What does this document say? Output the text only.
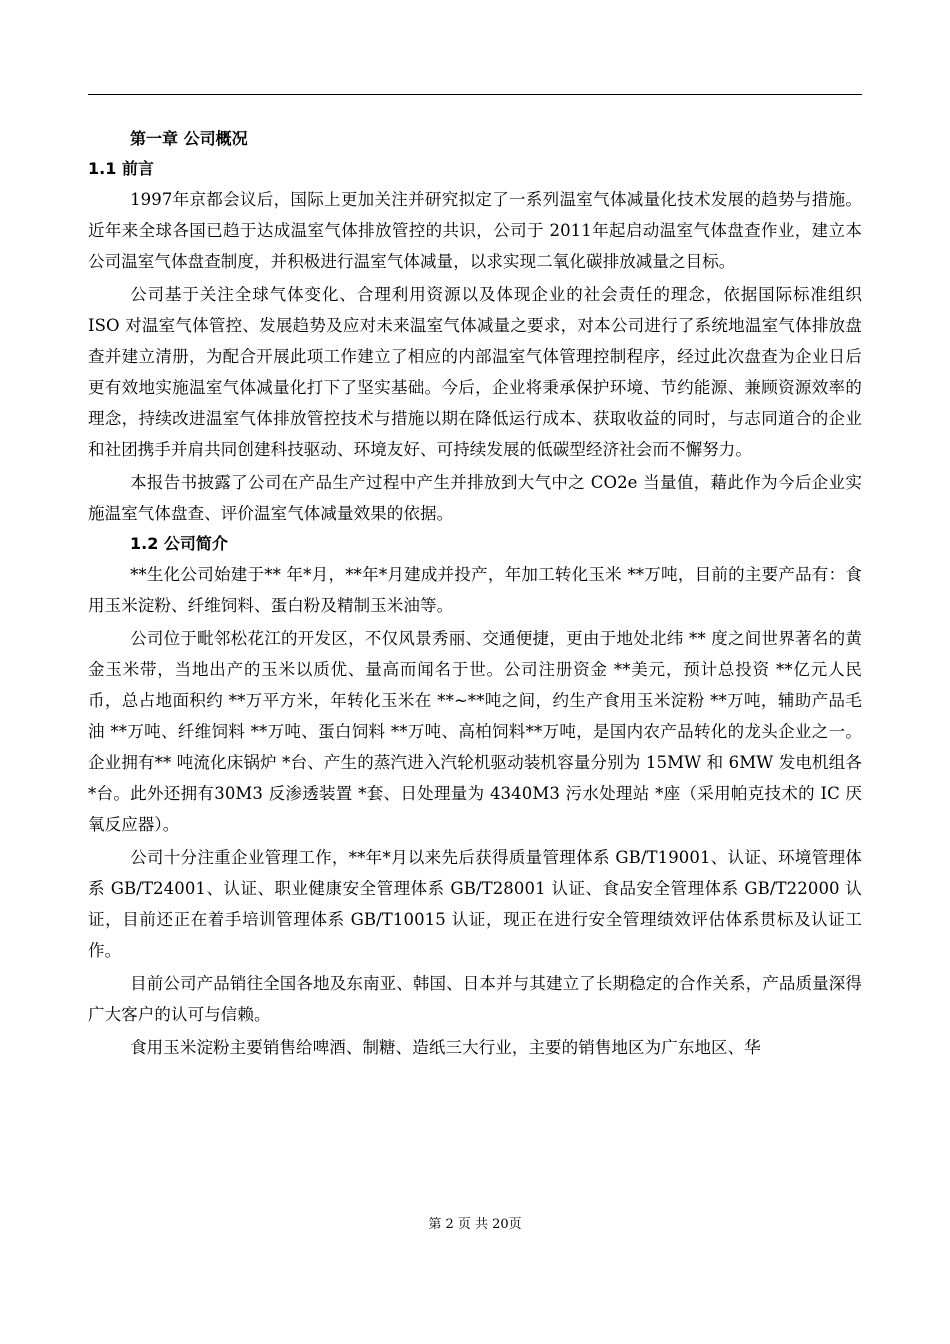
第一章 公司概况
1.1 前言

1997年京都会议后，国际上更加关注并研究拟定了一系列温室气体减量化技术发展的趋势与措施。近年来全球各国已趋于达成温室气体排放管控的共识，公司于 2011年起启动温室气体盘查作业，建立本公司温室气体盘查制度，并积极进行温室气体减量，以求实现二氧化碳排放减量之目标。

公司基于关注全球气体变化、合理利用资源以及体现企业的社会责任的理念，依据国际标准组织 ISO 对温室气体管控、发展趋势及应对未来温室气体减量之要求，对本公司进行了系统地温室气体排放盘查并建立清册，为配合开展此项工作建立了相应的内部温室气体管理控制程序，经过此次盘查为企业日后更有效地实施温室气体减量化打下了坚实基础。今后，企业将秉承保护环境、节约能源、兼顾资源效率的理念，持续改进温室气体排放管控技术与措施以期在降低运行成本、获取收益的同时，与志同道合的企业和社团携手并肩共同创建科技驱动、环境友好、可持续发展的低碳型经济社会而不懈努力。

本报告书披露了公司在产品生产过程中产生并排放到大气中之 CO2e 当量值，藉此作为今后企业实施温室气体盘查、评价温室气体减量效果的依据。

1.2 公司简介

**生化公司始建于** 年*月，**年*月建成并投产，年加工转化玉米 **万吨，目前的主要产品有：食用玉米淀粉、纤维饲料、蛋白粉及精制玉米油等。

公司位于毗邻松花江的开发区，不仅风景秀丽、交通便捷，更由于地处北纬 ** 度之间世界著名的黄金玉米带，当地出产的玉米以质优、量高而闻名于世。公司注册资金 **美元，预计总投资 **亿元人民币，总占地面积约 **万平方米，年转化玉米在 **~**吨之间，约生产食用玉米淀粉 **万吨，辅助产品毛油 **万吨、纤维饲料 **万吨、蛋白饲料 **万吨、高柏饲料**万吨，是国内农产品转化的龙头企业之一。企业拥有** 吨流化床锅炉 *台、产生的蒸汽进入汽轮机驱动装机容量分别为 15MW 和 6MW 发电机组各 *台。此外还拥有30M3 反渗透装置 *套、日处理量为 4340M3 污水处理站 *座（采用帕克技术的 IC 厌氧反应器）。

公司十分注重企业管理工作，**年*月以来先后获得质量管理体系 GB/T19001、认证、环境管理体系 GB/T24001、认证、职业健康安全管理体系 GB/T28001 认证、食品安全管理体系 GB/T22000 认证，目前还正在着手培训管理体系 GB/T10015 认证，现正在进行安全管理绩效评估体系贯标及认证工作。

目前公司产品销往全国各地及东南亚、韩国、日本并与其建立了长期稳定的合作关系，产品质量深得广大客户的认可与信赖。

食用玉米淀粉主要销售给啤酒、制糖、造纸三大行业，主要的销售地区为广东地区、华

第 2 页 共 20页
